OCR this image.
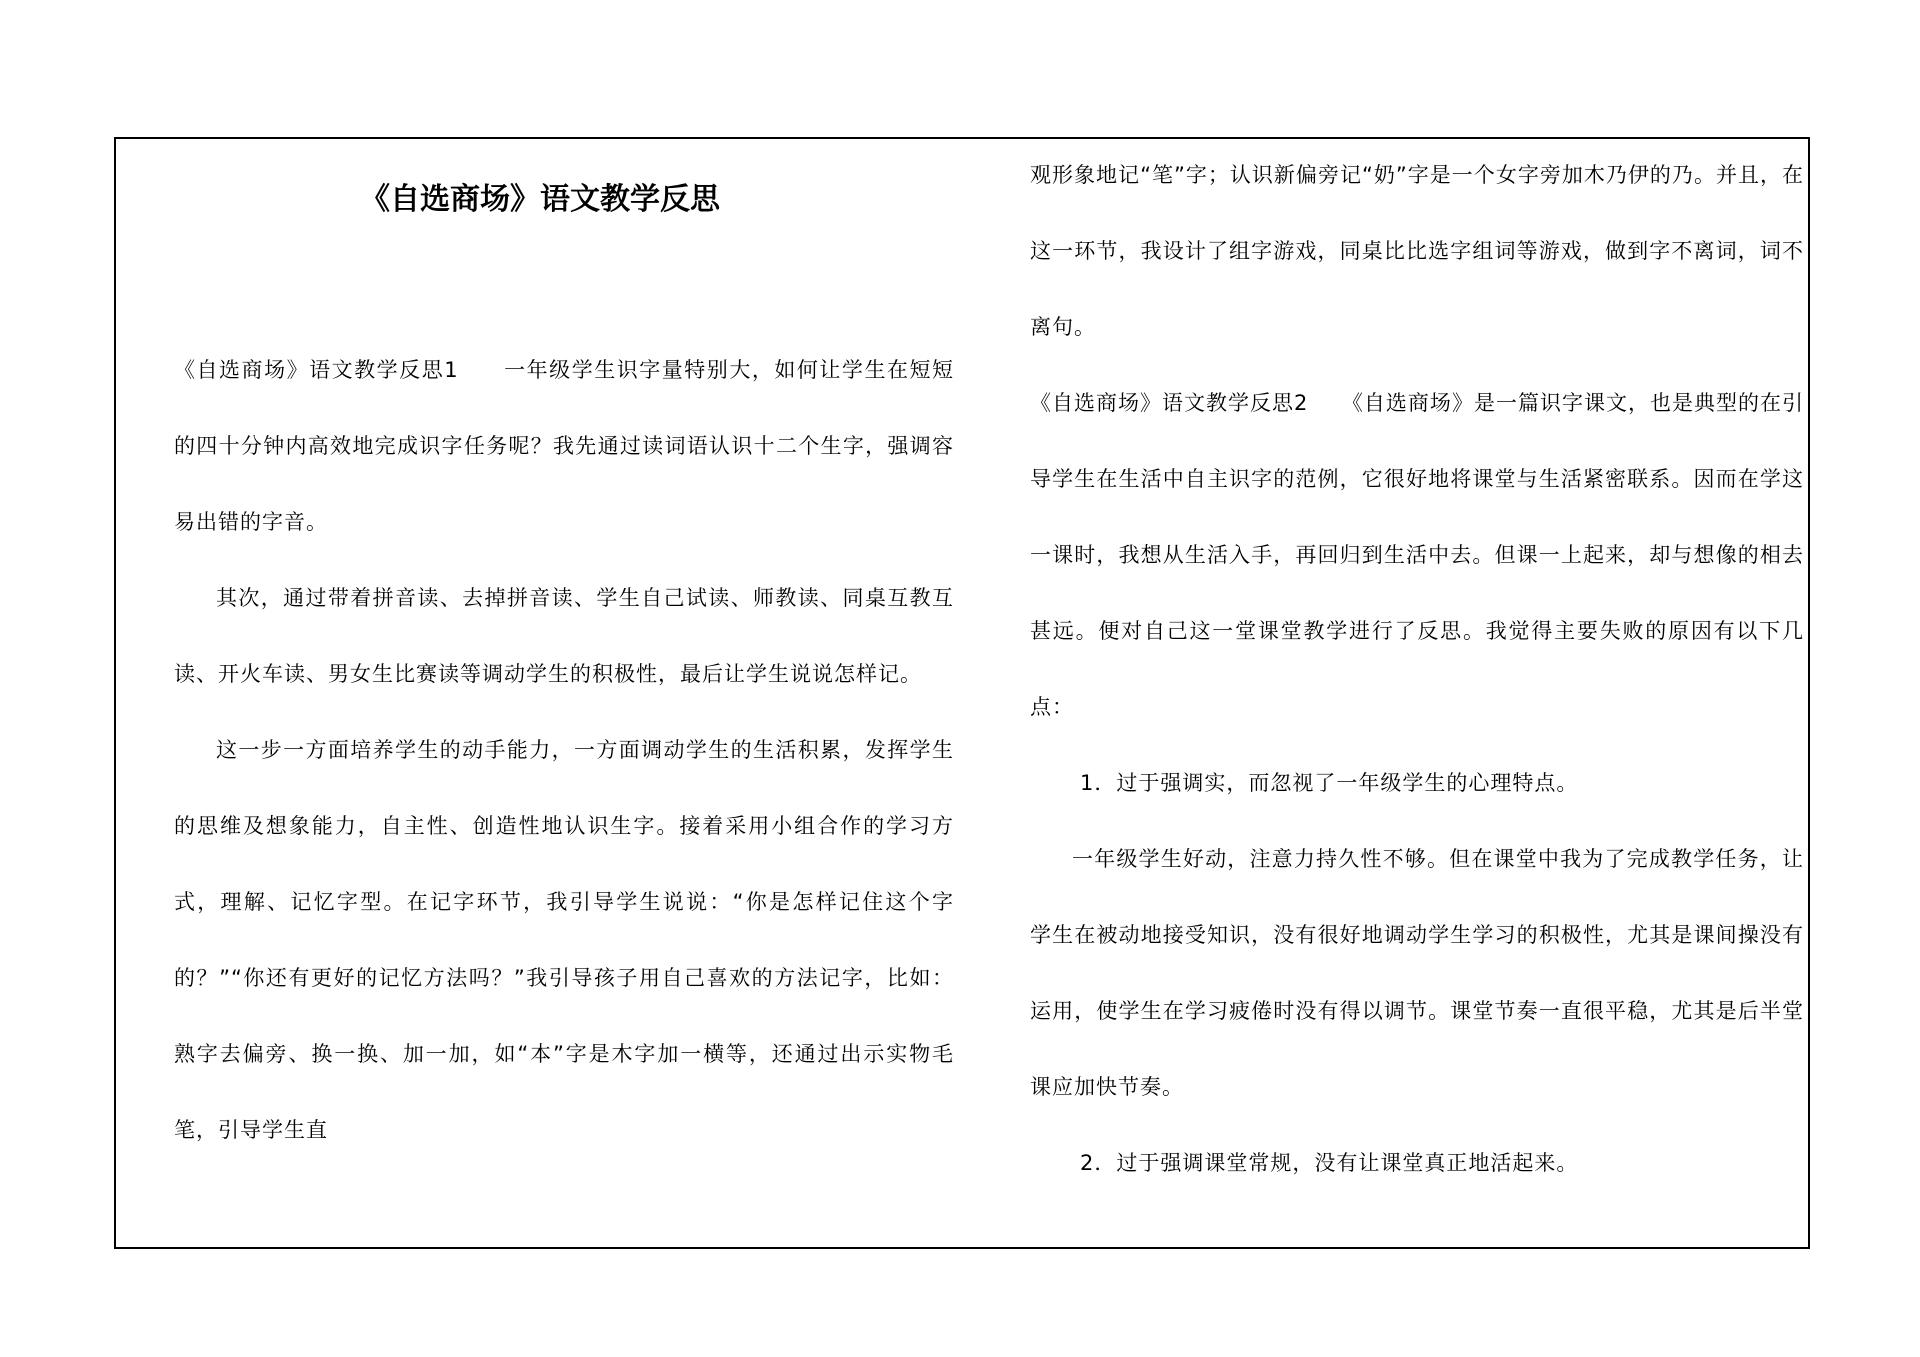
《自选商场》语文教学反思

《自选商场》语文教学反思1　　一年级学生识字量特别大，如何让学生在短短的四十分钟内高效地完成识字任务呢？我先通过读词语认识十二个生字，强调容易出错的字音。

其次，通过带着拼音读、去掉拼音读、学生自己试读、师教读、同桌互教互读、开火车读、男女生比赛读等调动学生的积极性，最后让学生说说怎样记。

这一步一方面培养学生的动手能力，一方面调动学生的生活积累，发挥学生的思维及想象能力，自主性、创造性地认识生字。接着采用小组合作的学习方式，理解、记忆字型。在记字环节，我引导学生说说：“你是怎样记住这个字的？”“你还有更好的记忆方法吗？”我引导孩子用自己喜欢的方法记字，比如：熟字去偏旁、换一换、加一加，如“本”字是木字加一横等，还通过出示实物毛笔，引导学生直

观形象地记“笔”字；认识新偏旁记“奶”字是一个女字旁加木乃伊的乃。并且，在这一环节，我设计了组字游戏，同桌比比选字组词等游戏，做到字不离词，词不离句。

《自选商场》语文教学反思2　　《自选商场》是一篇识字课文，也是典型的在引导学生在生活中自主识字的范例，它很好地将课堂与生活紧密联系。因而在学这一课时，我想从生活入手，再回归到生活中去。但课一上起来，却与想像的相去甚远。便对自己这一堂课堂教学进行了反思。我觉得主要失败的原因有以下几点：

1．过于强调实，而忽视了一年级学生的心理特点。

一年级学生好动，注意力持久性不够。但在课堂中我为了完成教学任务，让学生在被动地接受知识，没有很好地调动学生学习的积极性，尤其是课间操没有运用，使学生在学习疲倦时没有得以调节。课堂节奏一直很平稳，尤其是后半堂课应加快节奏。

2．过于强调课堂常规，没有让课堂真正地活起来。
